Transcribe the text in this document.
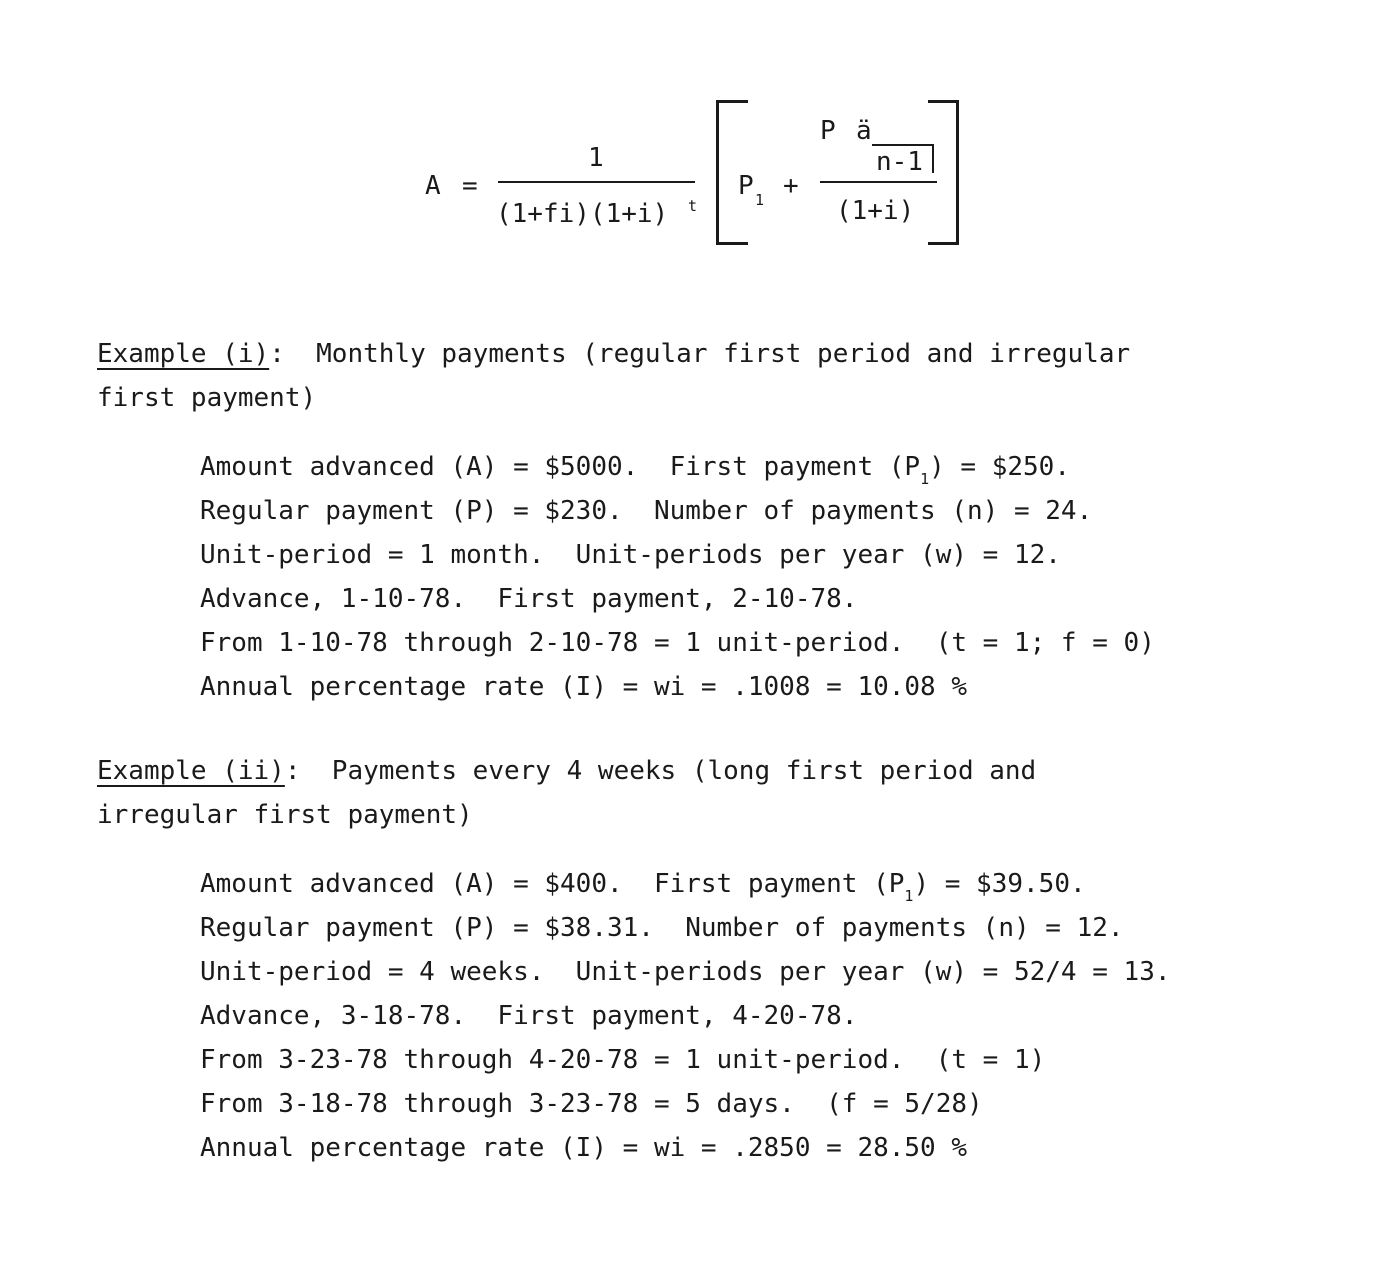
A =
1
(1+fi)(1+i) t
P 1 +
P ä
n-1
(1+i)
Example (i):  Monthly payments (regular first period and irregular
first payment)
Amount advanced (A) = $5000.  First payment $(P_1)$ = $250.
Regular payment (P) = $230.  Number of payments (n) = 24.
Unit-period = 1 month.  Unit-periods per year (w) = 12.
Advance, 1-10-78.  First payment, 2-10-78.
From 1-10-78 through 2-10-78 = 1 unit-period.  (t = 1; f = 0)
Annual percentage rate (I) = wi = .1008 = 10.08 %
Example (ii):  Payments every 4 weeks (long first period and
irregular first payment)
Amount advanced (A) = $400.  First payment $(P_1)$ = $39.50.
Regular payment (P) = $38.31.  Number of payments (n) = 12.
Unit-period = 4 weeks.  Unit-periods per year (w) = 52/4 = 13.
Advance, 3-18-78.  First payment, 4-20-78.
From 3-23-78 through 4-20-78 = 1 unit-period.  (t = 1)
From 3-18-78 through 3-23-78 = 5 days.  (f = 5/28)
Annual percentage rate (I) = wi = .2850 = 28.50 %
